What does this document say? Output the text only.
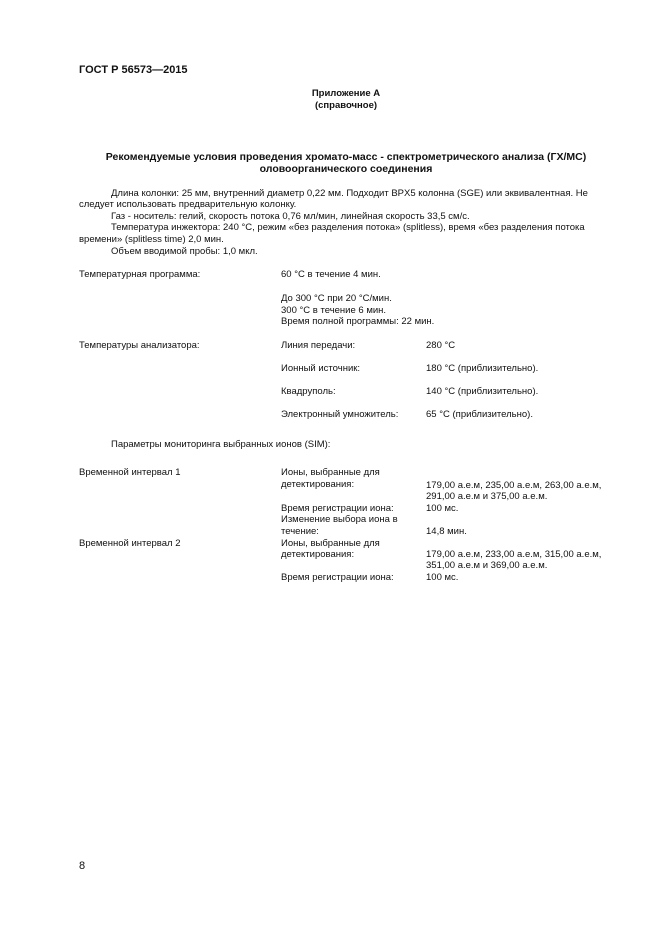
ГОСТ Р 56573—2015
Приложение А
(справочное)
Рекомендуемые условия проведения хромато-масс - спектрометрического анализа (ГХ/МС)
оловоорганического соединения
Длина колонки: 25 мм, внутренний диаметр 0,22 мм. Подходит BPX5 колонна (SGE) или эквивалентная. Не
следует использовать предварительную колонку.
Газ - носитель: гелий, скорость потока 0,76 мл/мин, линейная скорость 33,5 см/с.
Температура инжектора: 240 °С, режим «без разделения потока» (splitless), время «без разделения потока
времени» (splitless time) 2,0 мин.
Объем вводимой пробы: 1,0 мкл.
Температурная программа:	60 °С в течение 4 мин.
До 300 °С при 20 °С/мин.
300 °С в течение 6 мин.
Время полной программы: 22 мин.
Температуры анализатора:	Линия передачи:	280 °С
Ионный источник:	180 °С (приблизительно).
Квадруполь:	140 °С (приблизительно).
Электронный умножитель:	65 °С (приблизительно).
Параметры мониторинга выбранных ионов (SIM):
Временной интервал 1	Ионы, выбранные для
детектирования:	179,00 а.е.м, 235,00 а.е.м, 263,00 а.е.м,
291,00 а.е.м и 375,00 а.е.м.
Время регистрации иона:	100 мс.
Изменение выбора иона в
течение:	14,8 мин.
Временной интервал 2	Ионы, выбранные для
детектирования:	179,00 а.е.м, 233,00 а.е.м, 315,00 а.е.м,
351,00 а.е.м и 369,00 а.е.м.
Время регистрации иона:	100 мс.
8
